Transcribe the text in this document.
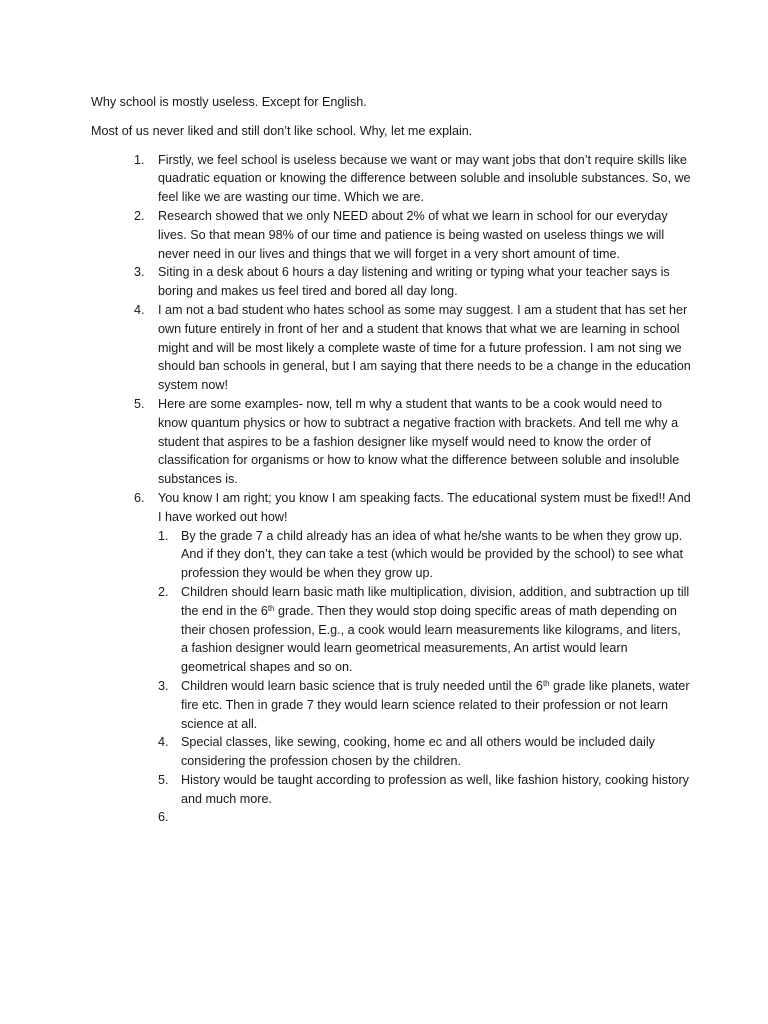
Why school is mostly useless. Except for English.

Most of us never liked and still don’t like school. Why, let me explain.

1. Firstly, we feel school is useless because we want or may want jobs that don’t require skills like quadratic equation or knowing the difference between soluble and insoluble substances. So, we feel like we are wasting our time. Which we are.
2. Research showed that we only NEED about 2% of what we learn in school for our everyday lives. So that mean 98% of our time and patience is being wasted on useless things we will never need in our lives and things that we will forget in a very short amount of time.
3. Siting in a desk about 6 hours a day listening and writing or typing what your teacher says is boring and makes us feel tired and bored all day long.
4. I am not a bad student who hates school as some may suggest. I am a student that has set her own future entirely in front of her and a student that knows that what we are learning in school might and will be most likely a complete waste of time for a future profession. I am not sing we should ban schools in general, but I am saying that there needs to be a change in the education system now!
5. Here are some examples- now, tell m why a student that wants to be a cook would need to know quantum physics or how to subtract a negative fraction with brackets. And tell me why a student that aspires to be a fashion designer like myself would need to know the order of classification for organisms or how to know what the difference between soluble and insoluble substances is.
6. You know I am right; you know I am speaking facts. The educational system must be fixed!! And I have worked out how!
1. By the grade 7 a child already has an idea of what he/she wants to be when they grow up. And if they don’t, they can take a test (which would be provided by the school) to see what profession they would be when they grow up.
2. Children should learn basic math like multiplication, division, addition, and subtraction up till the end in the 6th grade. Then they would stop doing specific areas of math depending on their chosen profession, E.g., a cook would learn measurements like kilograms, and liters, a fashion designer would learn geometrical measurements, An artist would learn geometrical shapes and so on.
3. Children would learn basic science that is truly needed until the 6th grade like planets, water fire etc. Then in grade 7 they would learn science related to their profession or not learn science at all.
4. Special classes, like sewing, cooking, home ec and all others would be included daily considering the profession chosen by the children.
5. History would be taught according to profession as well, like fashion history, cooking history and much more.
6.
